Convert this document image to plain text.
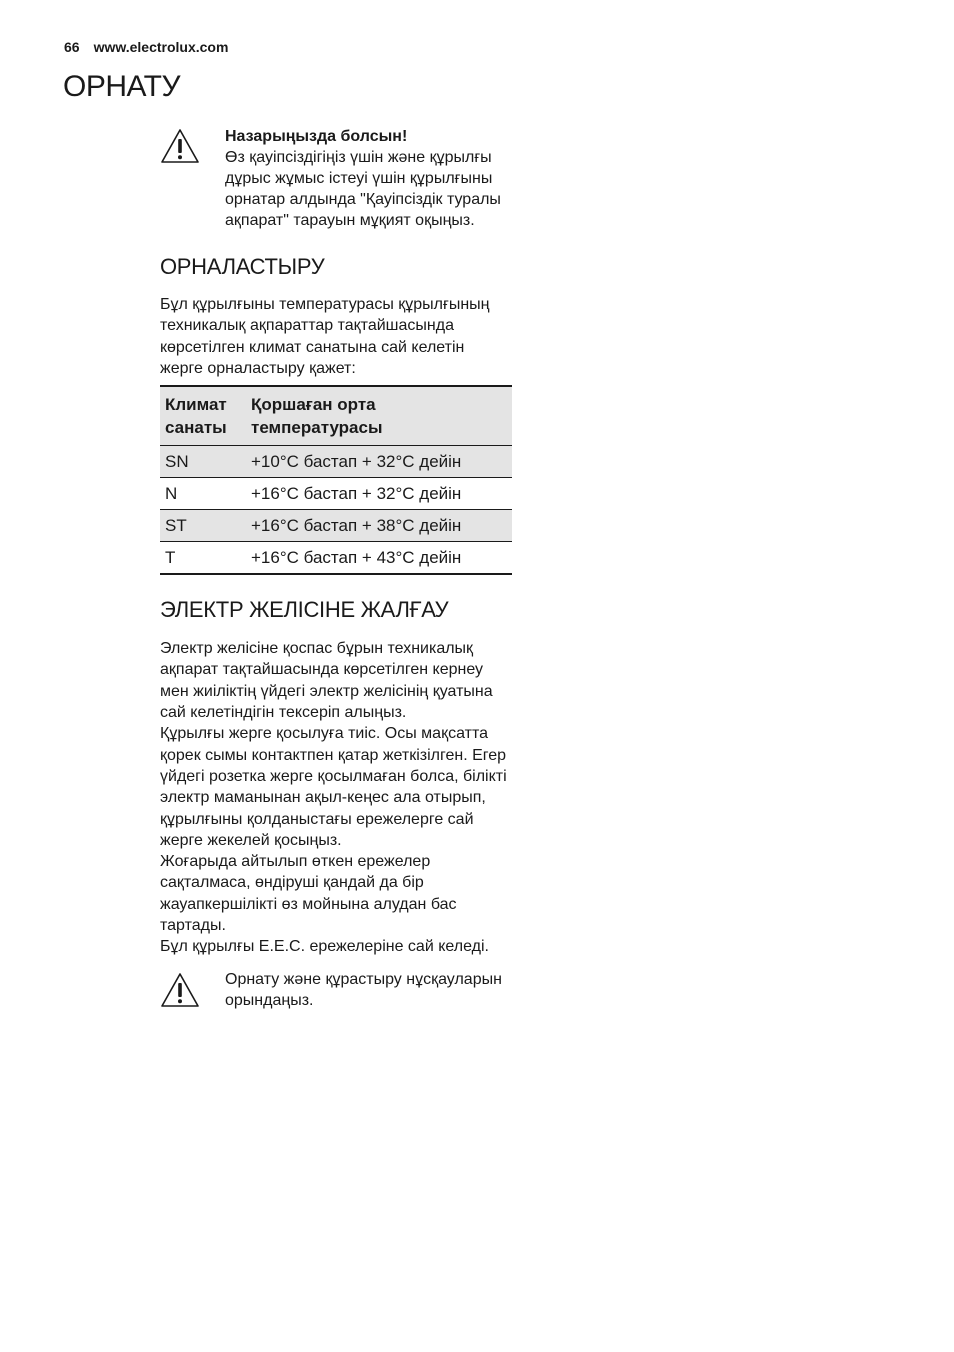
66 www.electrolux.com
ОРНАТУ
Назарыңызда болсын!
Өз қауіпсіздігіңіз үшін және құрылғы
дұрыс жұмыс істеуі үшін құрылғыны
орнатар алдында "Қауіпсіздік туралы
ақпарат" тарауын мұқият оқыңыз.
ОРНАЛАСТЫРУ

Бұл құрылғыны температурасы құрылғының
техникалық ақпараттар тақтайшасында
көрсетілген климат санатына сай келетін
жерге орналастыру қажет:

Климат
санаты	Қоршаған орта температурасы
SN	+10°C бастап + 32°C дейін
N	+16°C бастап + 32°C дейін
ST	+16°C бастап + 38°C дейін
T	+16°C бастап + 43°C дейін
ЭЛЕКТР ЖЕЛІСІНЕ ЖАЛҒАУ

Электр желісіне қоспас бұрын техникалық
ақпарат тақтайшасында көрсетілген кернеу
мен жиіліктің үйдегі электр желісінің қуатына
сай келетіндігін тексеріп алыңыз.
Құрылғы жерге қосылуға тиіс. Осы мақсатта
қорек сымы контактпен қатар жеткізілген. Егер
үйдегі розетка жерге қосылмаған болса, білікті
электр маманынан ақыл-кеңес ала отырып,
құрылғыны қолданыстағы ережелерге сай
жерге жекелей қосыңыз.
Жоғарыда айтылып өткен ережелер
сақталмаса, өндіруші қандай да бір
жауапкершілікті өз мойнына алудан бас
тартады.
Бұл құрылғы E.E.C. ережелеріне сай келеді.

Орнату және құрастыру нұсқауларын
орындаңыз.
